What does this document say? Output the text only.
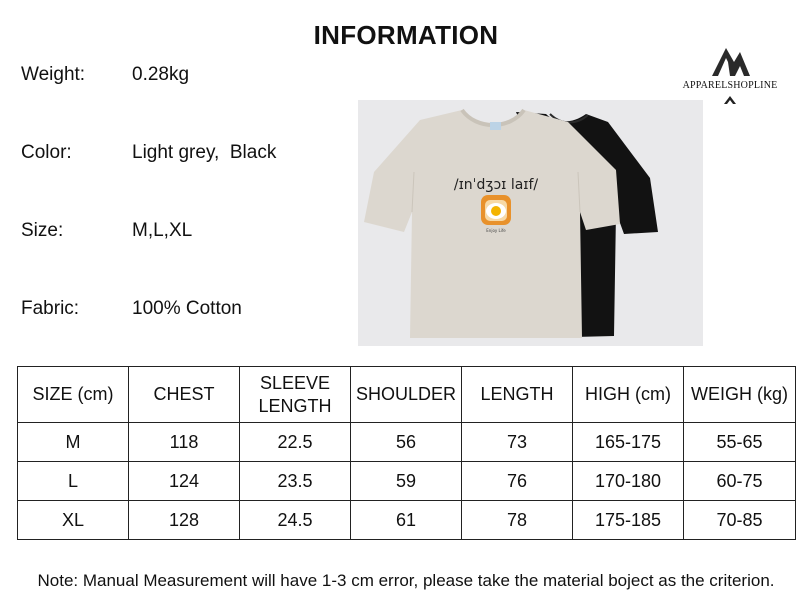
INFORMATION
Weight: 0.28kg
Color:	Light grey,  Black
Size:	M,L,XL
Fabric:	100% Cotton
APPARELSHOPLINE
/ɪnˈdʒɔɪ laɪf/
Enjoy Life
SIZE (cm)	CHEST	SLEEVE LENGTH	SHOULDER	LENGTH	HIGH (cm)	WEIGH (kg)
M	118	22.5	56	73	165-175	55-65
L	124	23.5	59	76	170-180	60-75
XL	128	24.5	61	78	175-185	70-85
Note: Manual Measurement will have 1-3 cm error, please take the material boject as the criterion.
